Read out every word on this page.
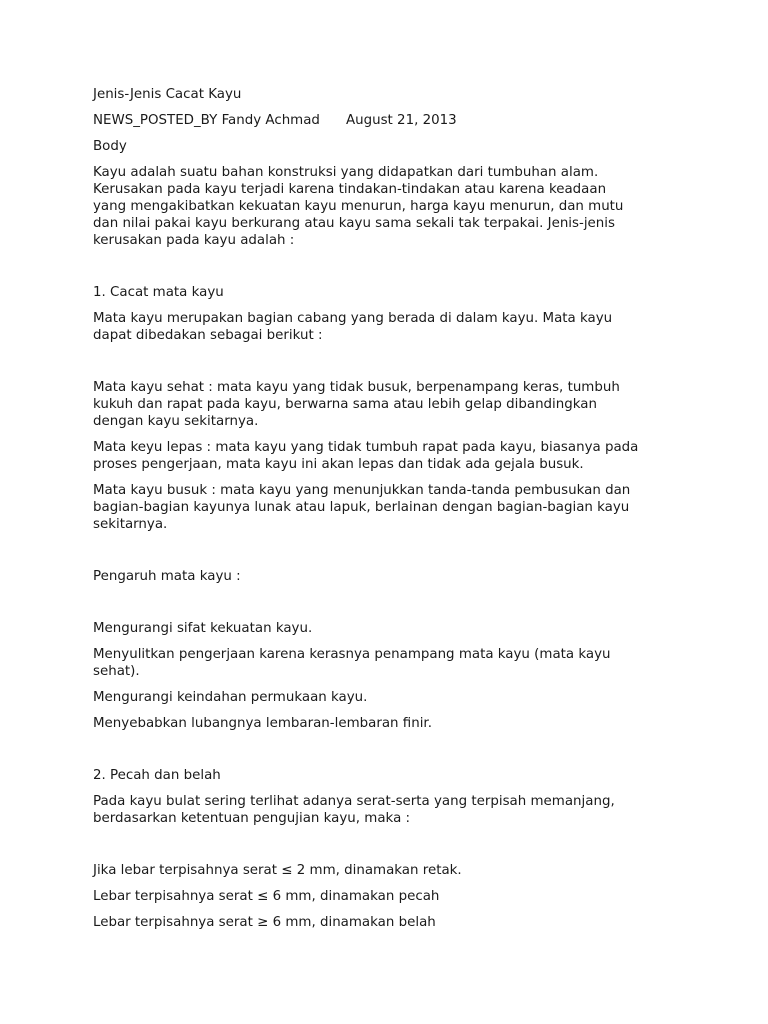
Jenis-Jenis Cacat Kayu

NEWS_POSTED_BY Fandy Achmad August 21, 2013

Body

Kayu adalah suatu bahan konstruksi yang didapatkan dari tumbuhan alam.

Kerusakan pada kayu terjadi karena tindakan-tindakan atau karena keadaan

yang mengakibatkan kekuatan kayu menurun, harga kayu menurun, dan mutu

dan nilai pakai kayu berkurang atau kayu sama sekali tak terpakai. Jenis-jenis

kerusakan pada kayu adalah :

1. Cacat mata kayu

Mata kayu merupakan bagian cabang yang berada di dalam kayu. Mata kayu

dapat dibedakan sebagai berikut :

Mata kayu sehat : mata kayu yang tidak busuk, berpenampang keras, tumbuh

kukuh dan rapat pada kayu, berwarna sama atau lebih gelap dibandingkan

dengan kayu sekitarnya.

Mata keyu lepas : mata kayu yang tidak tumbuh rapat pada kayu, biasanya pada

proses pengerjaan, mata kayu ini akan lepas dan tidak ada gejala busuk.

Mata kayu busuk : mata kayu yang menunjukkan tanda-tanda pembusukan dan

bagian-bagian kayunya lunak atau lapuk, berlainan dengan bagian-bagian kayu

sekitarnya.

Pengaruh mata kayu :

Mengurangi sifat kekuatan kayu.

Menyulitkan pengerjaan karena kerasnya penampang mata kayu (mata kayu

sehat).

Mengurangi keindahan permukaan kayu.

Menyebabkan lubangnya lembaran-lembaran finir.

2. Pecah dan belah

Pada kayu bulat sering terlihat adanya serat-serta yang terpisah memanjang,

berdasarkan ketentuan pengujian kayu, maka :

Jika lebar terpisahnya serat ≤ 2 mm, dinamakan retak.

Lebar terpisahnya serat ≤ 6 mm, dinamakan pecah

Lebar terpisahnya serat ≥ 6 mm, dinamakan belah
